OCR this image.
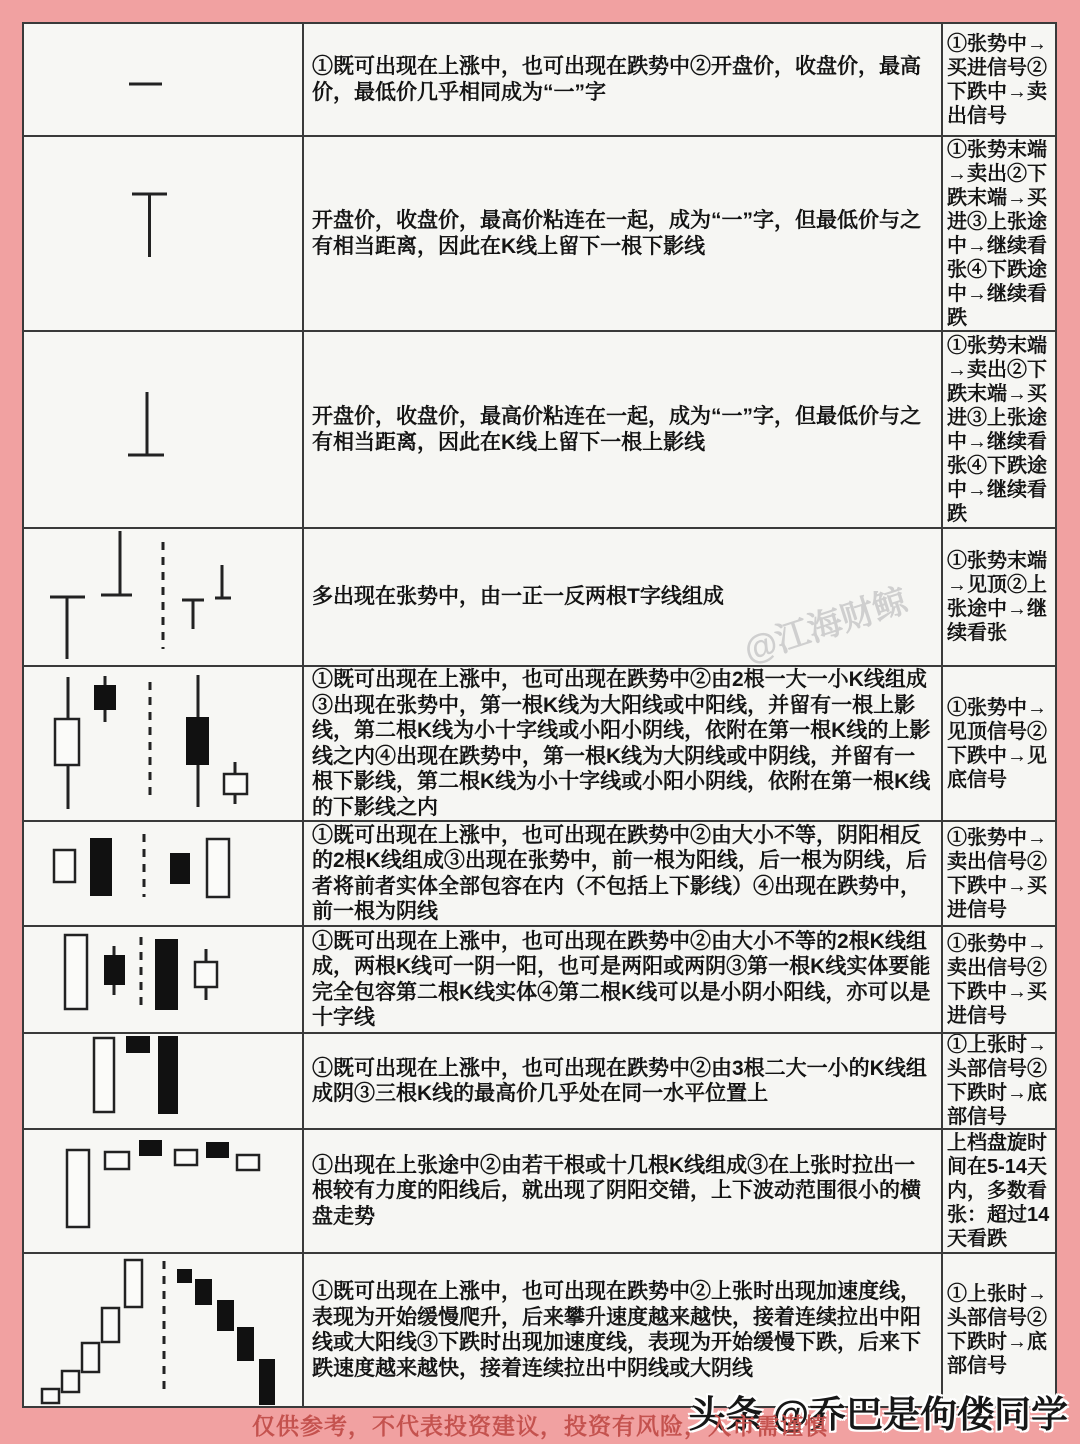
①既可出现在上涨中，也可出现在跌势中②开盘价，收盘价，最高价，最低价几乎相同成为“一”字
①张势中→买进信号②下跌中→卖出信号
开盘价，收盘价，最高价粘连在一起，成为“一”字，但最低价与之有相当距离，因此在K线上留下一根下影线
①张势末端→卖出②下跌末端→买进③上张途中→继续看张④下跌途中→继续看跌
开盘价，收盘价，最高价粘连在一起，成为“一”字，但最低价与之有相当距离，因此在K线上留下一根上影线
①张势末端→卖出②下跌末端→买进③上张途中→继续看张④下跌途中→继续看跌
多出现在张势中，由一正一反两根T字线组成
①张势末端→见顶②上张途中→继续看张
①既可出现在上涨中，也可出现在跌势中②由2根一大一小K线组成③出现在张势中，第一根K线为大阳线或中阳线，并留有一根上影线，第二根K线为小十字线或小阳小阴线，依附在第一根K线的上影线之内④出现在跌势中，第一根K线为大阴线或中阴线，并留有一根下影线，第二根K线为小十字线或小阳小阴线，依附在第一根K线的下影线之内
①张势中→见顶信号②下跌中→见底信号
①既可出现在上涨中，也可出现在跌势中②由大小不等，阴阳相反的2根K线组成③出现在张势中，前一根为阳线，后一根为阴线，后者将前者实体全部包容在内（不包括上下影线）④出现在跌势中，前一根为阴线
①张势中→卖出信号②下跌中→买进信号
①既可出现在上涨中，也可出现在跌势中②由大小不等的2根K线组成，两根K线可一阴一阳，也可是两阳或两阴③第一根K线实体要能完全包容第二根K线实体④第二根K线可以是小阴小阳线，亦可以是十字线
①张势中→卖出信号②下跌中→买进信号
①既可出现在上涨中，也可出现在跌势中②由3根二大一小的K线组成阴③三根K线的最高价几乎处在同一水平位置上
①上张时→头部信号②下跌时→底部信号
①出现在上张途中②由若干根或十几根K线组成③在上张时拉出一根较有力度的阳线后，就出现了阴阳交错，上下波动范围很小的横盘走势
上档盘旋时间在5-14天内，多数看张：超过14天看跌
①既可出现在上涨中，也可出现在跌势中②上张时出现加速度线，表现为开始缓慢爬升，后来攀升速度越来越快，接着连续拉出中阳线或大阳线③下跌时出现加速度线，表现为开始缓慢下跌，后来下跌速度越来越快，接着连续拉出中阴线或大阴线
①上张时→头部信号②下跌时→底部信号
@江海财鲸
头条 @乔巴是佝偻同学
仅供参考，不代表投资建议，投资有风险，入市需谨慎
